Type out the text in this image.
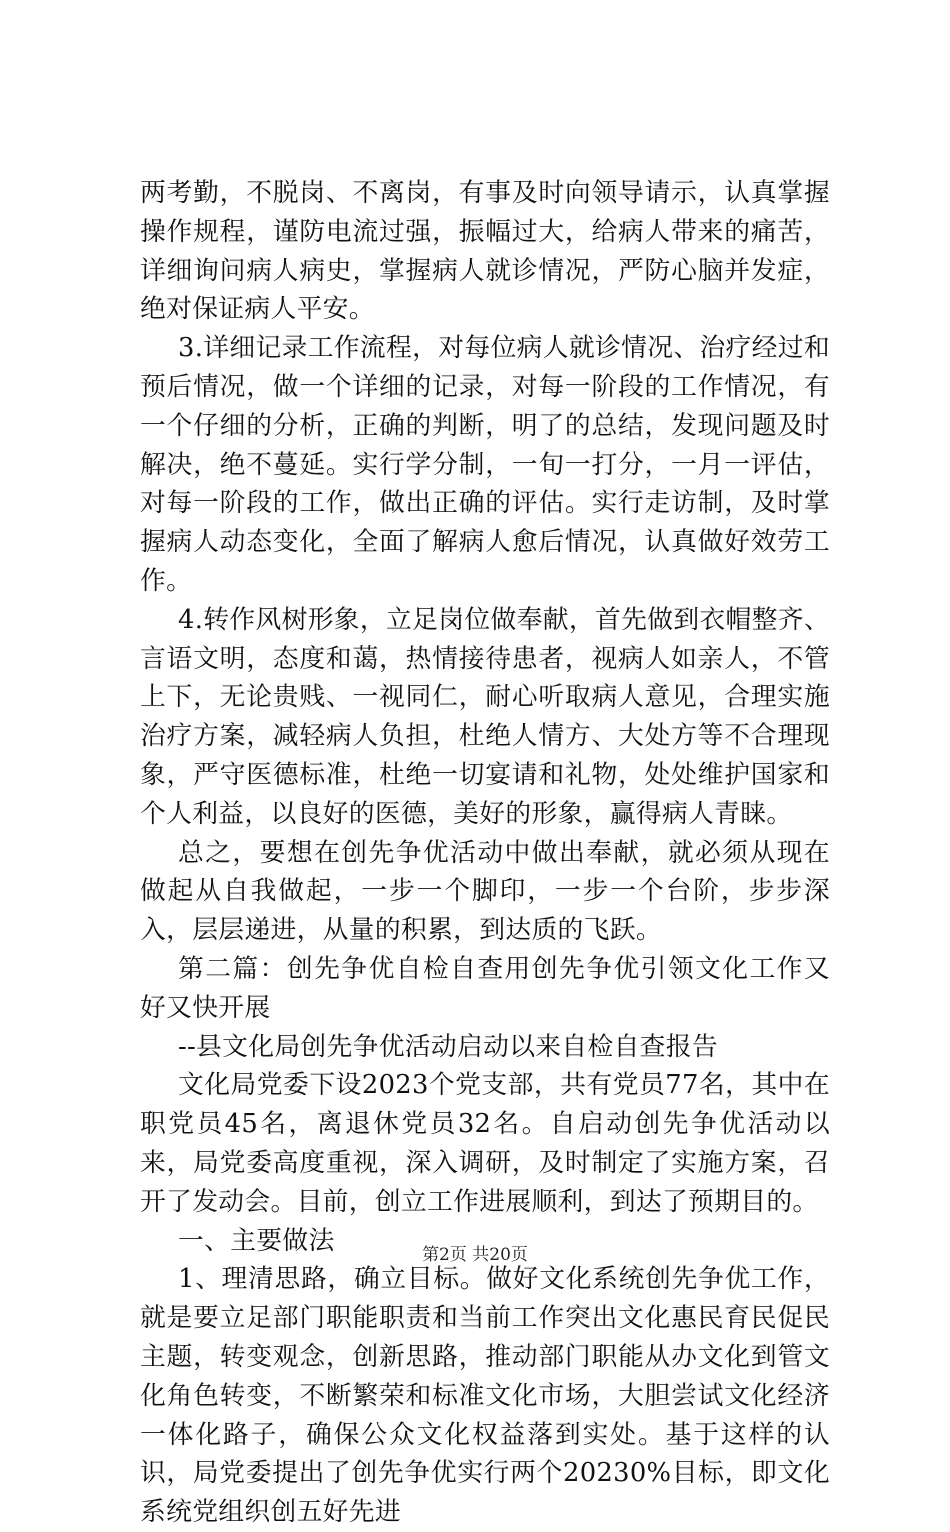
两考勤，不脱岗、不离岗，有事及时向领导请示，认真掌握操作规程，谨防电流过强，振幅过大，给病人带来的痛苦，详细询问病人病史，掌握病人就诊情况，严防心脑并发症，绝对保证病人平安。

3.详细记录工作流程，对每位病人就诊情况、治疗经过和预后情况，做一个详细的记录，对每一阶段的工作情况，有一个仔细的分析，正确的判断，明了的总结，发现问题及时解决，绝不蔓延。实行学分制，一旬一打分，一月一评估，对每一阶段的工作，做出正确的评估。实行走访制，及时掌握病人动态变化，全面了解病人愈后情况，认真做好效劳工作。

4.转作风树形象，立足岗位做奉献，首先做到衣帽整齐、言语文明，态度和蔼，热情接待患者，视病人如亲人，不管上下，无论贵贱、一视同仁，耐心听取病人意见，合理实施治疗方案，减轻病人负担，杜绝人情方、大处方等不合理现象，严守医德标准，杜绝一切宴请和礼物，处处维护国家和个人利益，以良好的医德，美好的形象，赢得病人青睐。

总之，要想在创先争优活动中做出奉献，就必须从现在做起从自我做起，一步一个脚印，一步一个台阶，步步深入，层层递进，从量的积累，到达质的飞跃。

第二篇：创先争优自检自查用创先争优引领文化工作又好又快开展

--县文化局创先争优活动启动以来自检自查报告

文化局党委下设2023个党支部，共有党员77名，其中在职党员45名，离退休党员32名。自启动创先争优活动以来，局党委高度重视，深入调研，及时制定了实施方案，召开了发动会。目前，创立工作进展顺利，到达了预期目的。

一、主要做法

1、理清思路，确立目标。做好文化系统创先争优工作，就是要立足部门职能职责和当前工作突出文化惠民育民促民主题，转变观念，创新思路，推动部门职能从办文化到管文化角色转变，不断繁荣和标准文化市场，大胆尝试文化经济一体化路子，确保公众文化权益落到实处。基于这样的认识，局党委提出了创先争优实行两个20230%目标，即文化系统党组织创五好先进

第2页 共20页
